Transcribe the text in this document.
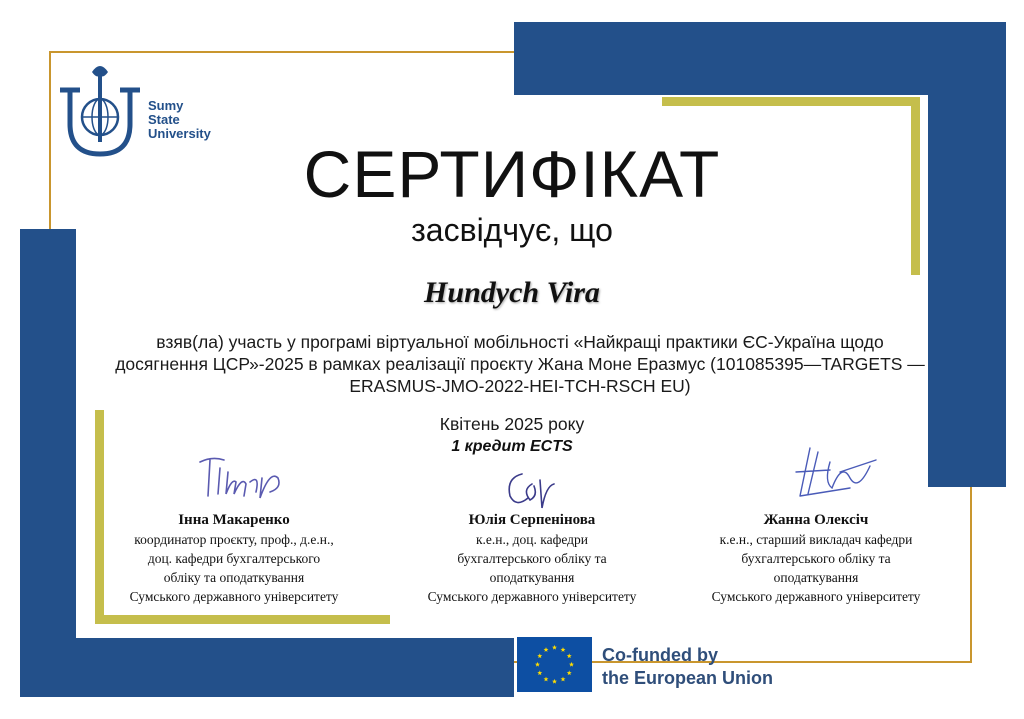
Sumy
State
University
СЕРТИФІКАТ
засвідчує, що
Hundych Vira
взяв(ла) участь у програмі віртуальної мобільності «Найкращі практики ЄС-Україна щодо досягнення ЦСР»-2025 в рамках реалізації проєкту Жана Моне Еразмус (101085395—TARGETS — ERASMUS-JMO-2022-HEI-TCH-RSCH EU)
Квітень 2025 року
1 кредит ECTS
Інна Макаренко
координатор проєкту, проф., д.е.н.,
доц. кафедри бухгалтерського
обліку та оподаткування
Сумського державного університету
Юлія Серпенінова
к.е.н., доц. кафедри
бухгалтерського обліку та
оподаткування
Сумського державного університету
Жанна Олексіч
к.е.н., старший викладач кафедри
бухгалтерського обліку та
оподаткування
Сумського державного університету
Co-funded by
the European Union
